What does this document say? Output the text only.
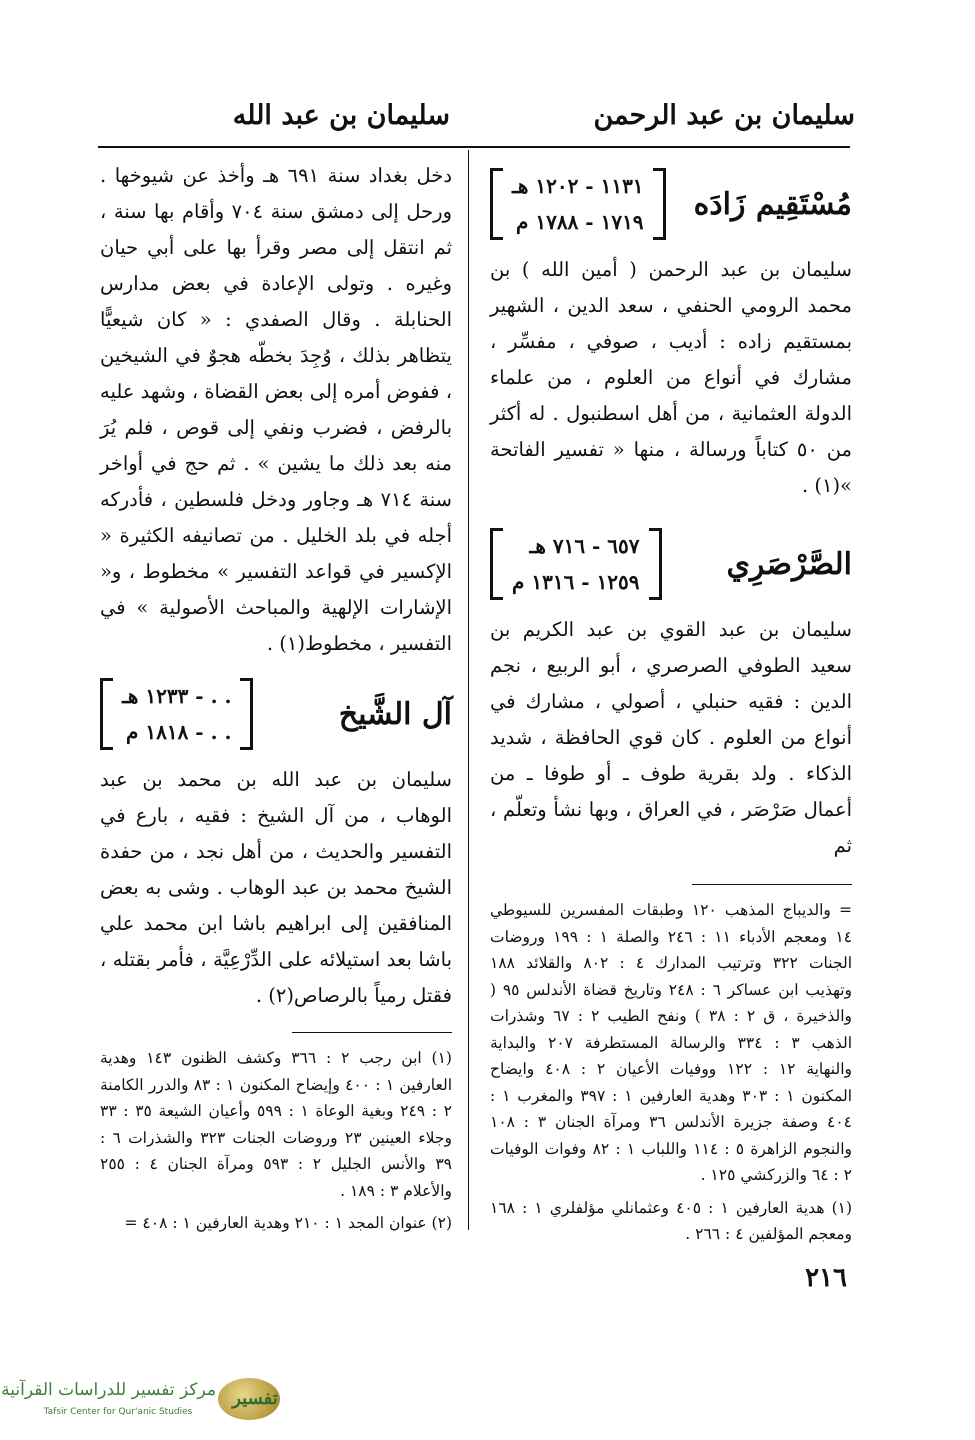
سليمان بن عبد الرحمن
سليمان بن عبد الله
مُسْتَقِيم زَادَه
١١٣١ - ١٢٠٢ هـ
١٧١٩ - ١٧٨٨ م

سليمان بن عبد الرحمن ( أمين الله ) بن محمد الرومي الحنفي ، سعد الدين ، الشهير بمستقيم زاده : أديب ، صوفي ، مفسِّر ، مشارك في أنواع من العلوم ، من علماء الدولة العثمانية ، من أهل اسطنبول . له أكثر من ٥٠ كتاباً ورسالة ، منها « تفسير الفاتحة »(١) .

الصَّرْصَرِي
٦٥٧ - ٧١٦ هـ
١٢٥٩ - ١٣١٦ م

سليمان بن عبد القوي بن عبد الكريم بن سعيد الطوفي الصرصري ، أبو الربيع ، نجم الدين : فقيه حنبلي ، أصولي ، مشارك في أنواع من العلوم . كان قوي الحافظة ، شديد الذكاء . ولد بقرية طوف ـ أو طوفا ـ من أعمال صَرْصَر ، في العراق ، وبها نشأ وتعلّم ، ثم

= والديباج المذهب ١٢٠ وطبقات المفسرين للسيوطي ١٤ ومعجم الأدباء ١١ : ٢٤٦ والصلة ١ : ١٩٩ وروضات الجنات ٣٢٢ وترتيب المدارك ٤ : ٨٠٢ والقلائد ١٨٨ وتهذيب ابن عساكر ٦ : ٢٤٨ وتاريخ قضاة الأندلس ٩٥ ( والذخيرة ، ق ٢ : ٣٨ ) ونفح الطيب ٢ : ٦٧ وشذرات الذهب ٣ : ٣٣٤ والرسالة المستطرفة ٢٠٧ والبداية والنهاية ١٢ : ١٢٢ ووفيات الأعيان ٢ : ٤٠٨ وايضاح المكنون ١ : ٣٠٣ وهدية العارفين ١ : ٣٩٧ والمغرب ١ : ٤٠٤ وصفة جزيرة الأندلس ٣٦ ومرآة الجنان ٣ : ١٠٨ والنجوم الزاهرة ٥ : ١١٤ واللباب ١ : ٨٢ وفوات الوفيات ٢ : ٦٤ والزركشي ١٢٥ .

(١) هدية العارفين ١ : ٤٠٥ وعثمانلي مؤلفلري ١ : ١٦٨ ومعجم المؤلفين ٤ : ٢٦٦ .

دخل بغداد سنة ٦٩١ هـ وأخذ عن شيوخها . ورحل إلى دمشق سنة ٧٠٤ وأقام بها سنة ، ثم انتقل إلى مصر وقرأ بها على أبي حيان وغيره . وتولى الإعادة في بعض مدارس الحنابلة . وقال الصفدي : « كان شيعيًّا يتظاهر بذلك ، وُجِدَ بخطّه هجوٌ في الشيخين ، ففوض أمره إلى بعض القضاة ، وشهد عليه بالرفض ، فضرب ونفي إلى قوص ، فلم يُرَ منه بعد ذلك ما يشين » . ثم حج في أواخر سنة ٧١٤ هـ وجاور ودخل فلسطين ، فأدركه أجله في بلد الخليل . من تصانيفه الكثيرة « الإكسير في قواعد التفسير » مخطوط ، و« الإشارات الإلهية والمباحث الأصولية » في التفسير ، مخطوط(١) .

آل الشَّيخ
. . - ١٢٣٣ هـ
. . - ١٨١٨ م

سليمان بن عبد الله بن محمد بن عبد الوهاب ، من آل الشيخ : فقيه ، بارع في التفسير والحديث ، من أهل نجد ، من حفدة الشيخ محمد بن عبد الوهاب . وشى به بعض المنافقين إلى ابراهيم باشا ابن محمد علي باشا بعد استيلائه على الدِّرْعِيَّة ، فأمر بقتله ، فقتل رمياً بالرصاص(٢) .

(١) ابن رجب ٢ : ٣٦٦ وكشف الظنون ١٤٣ وهدية العارفين ١ : ٤٠٠ وإيضاح المكنون ١ : ٨٣ والدرر الكامنة ٢ : ٢٤٩ وبغية الوعاة ١ : ٥٩٩ وأعيان الشيعة ٣٥ : ٣٣ وجلاء العينين ٢٣ وروضات الجنات ٣٢٣ والشذرات ٦ : ٣٩ والأنس الجليل ٢ : ٥٩٣ ومرآة الجنان ٤ : ٢٥٥ والأعلام ٣ : ١٨٩ .

(٢) عنوان المجد ١ : ٢١٠ وهدية العارفين ١ : ٤٠٨ =

٢١٦
تفسير
مركز تفسير للدراسات القرآنية
Tafsir Center for Qur'anic Studies
